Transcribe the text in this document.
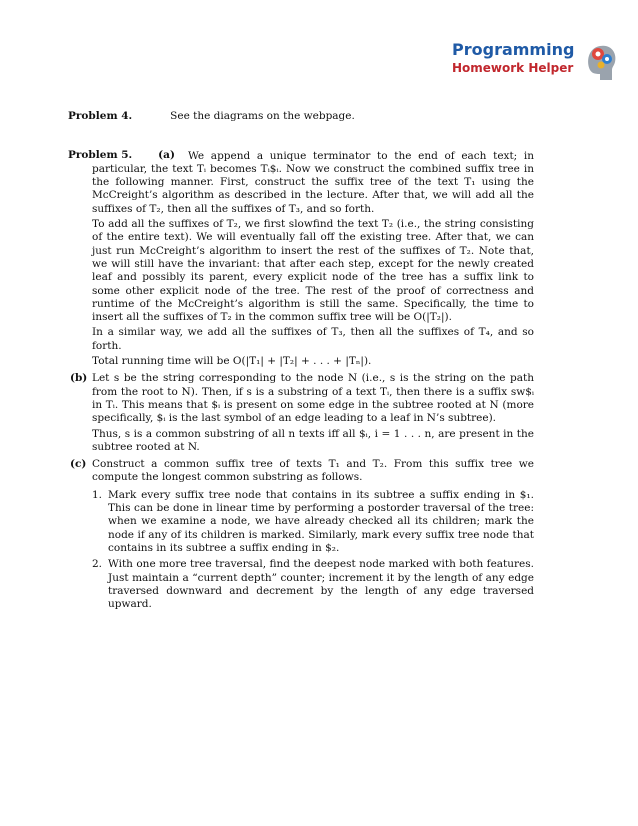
Programming
Homework Helper
Problem 4.	See the diagrams on the webpage.
Problem 5. (a)	We append a unique terminator to the end of each text; in particular, the text Tᵢ becomes Tᵢ$ᵢ. Now we construct the combined suffix tree in the following manner. First, construct the suffix tree of the text T₁ using the McCreight’s algorithm as described in the lecture. After that, we will add all the suffixes of T₂, then all the suffixes of T₃, and so forth.

To add all the suffixes of T₂, we first slowfind the text T₂ (i.e., the string consisting of the entire text). We will eventually fall off the existing tree. After that, we can just run McCreight’s algorithm to insert the rest of the suffixes of T₂. Note that, we will still have the invariant: that after each step, except for the newly created leaf and possibly its parent, every explicit node of the tree has a suffix link to some other explicit node of the tree. The rest of the proof of correctness and runtime of the McCreight’s algorithm is still the same. Specifically, the time to insert all the suffixes of T₂ in the common suffix tree will be O(|T₂|).

In a similar way, we add all the suffixes of T₃, then all the suffixes of T₄, and so forth.

Total running time will be O(|T₁| + |T₂| + . . . + |Tₙ|).

(b) Let s be the string corresponding to the node N (i.e., s is the string on the path from the root to N). Then, if s is a substring of a text Tᵢ, then there is a suffix sw$ᵢ in Tᵢ. This means that $ᵢ is present on some edge in the subtree rooted at N (more specifically, $ᵢ is the last symbol of an edge leading to a leaf in N’s subtree).

Thus, s is a common substring of all n texts iff all $ᵢ, i = 1 . . . n, are present in the subtree rooted at N.

(c) Construct a common suffix tree of texts T₁ and T₂. From this suffix tree we compute the longest common substring as follows.

1. Mark every suffix tree node that contains in its subtree a suffix ending in $₁. This can be done in linear time by performing a postorder traversal of the tree: when we examine a node, we have already checked all its children; mark the node if any of its children is marked. Similarly, mark every suffix tree node that contains in its subtree a suffix ending in $₂.
2. With one more tree traversal, find the deepest node marked with both features. Just maintain a “current depth” counter; increment it by the length of any edge traversed downward and decrement by the length of any edge traversed upward.
